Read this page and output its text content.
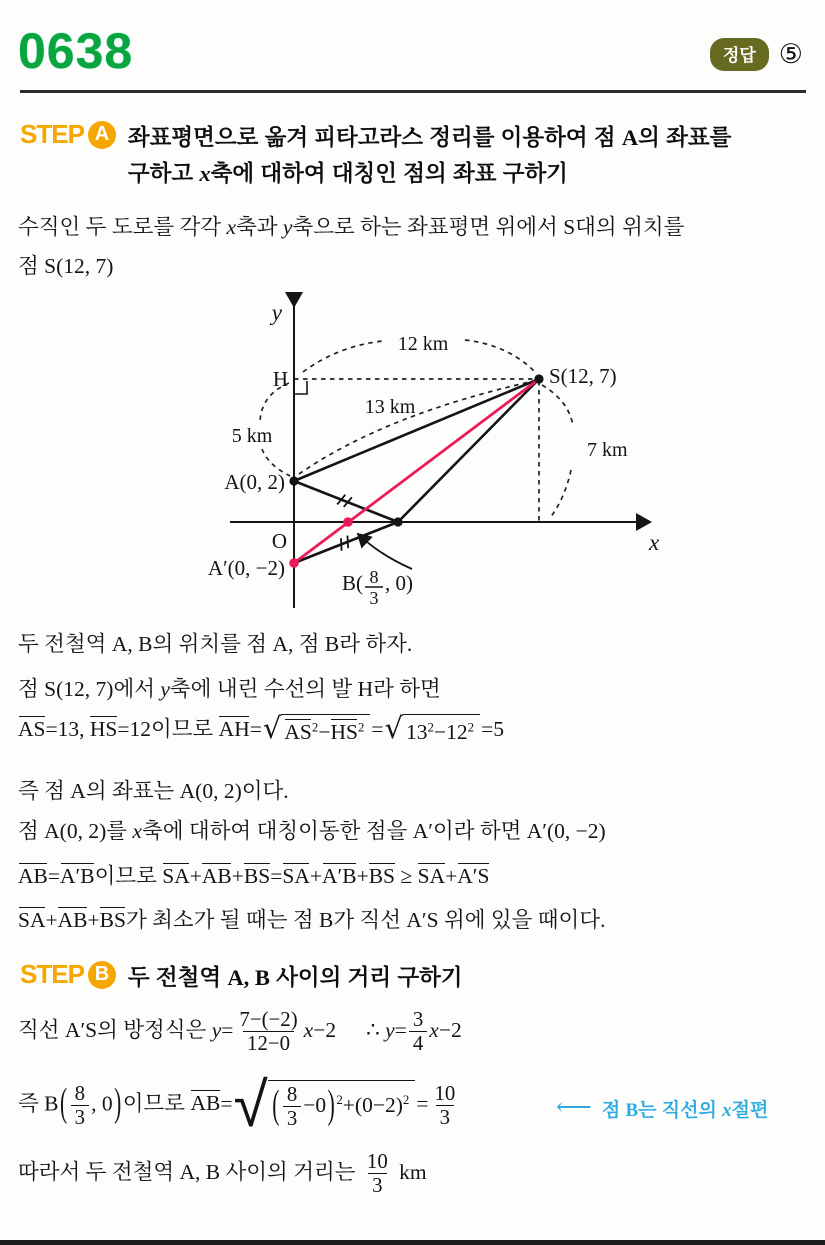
0638	정답 ⑤
STEP A 좌표평면으로 옮겨 피타고라스 정리를 이용하여 점 A의 좌표를
구하고 x축에 대하여 대칭인 점의 좌표 구하기
수직인 두 도로를 각각 x축과 y축으로 하는 좌표평면 위에서 S대의 위치를
점 S(12, 7)
y
x
H	S(12, 7)
A(0, 2)
O
A′(0, −2)
12 km
13 km
5 km
7 km
B( 8
3
, 0)
두 전철역 A, B의 위치를 점 A, 점 B라 하자.
점 S(12, 7)에서 y축에 내린 수선의 발 H라 하면
AS=13, HS=12이므로 AH= √ $AS^2-HS^2$ = √ $13^2-12^2 =5$
즉 점 A의 좌표는 A(0, 2)이다.
점 A(0, 2)를 x축에 대하여 대칭이동한 점을 A′이라 하면 A′(0, −2)
AB=A′B이므로 SA+AB+BS=SA+A′B+BS ≥ SA+A′S
SA+AB+BS가 최소가 될 때는 점 B가 직선 A′S 위에 있을 때이다.
STEP B 두 전철역 A, B 사이의 거리 구하기
직선 A′S의 방정식은 $y= \frac{7-(-2)}{12-0} x-2$ ∴ $y= \frac{3}{4} x-2$
즉 $B( \frac{8}{3}$ , 0)이므로 AB= √ ( $\frac{8}{3} -0$) $^2+(0-2)^2 = \frac{10}{3}$	⟵ 점 B는 직선의 x절편
따라서 두 전철역 A, B 사이의 거리는 $\frac{10}{3}$ km
